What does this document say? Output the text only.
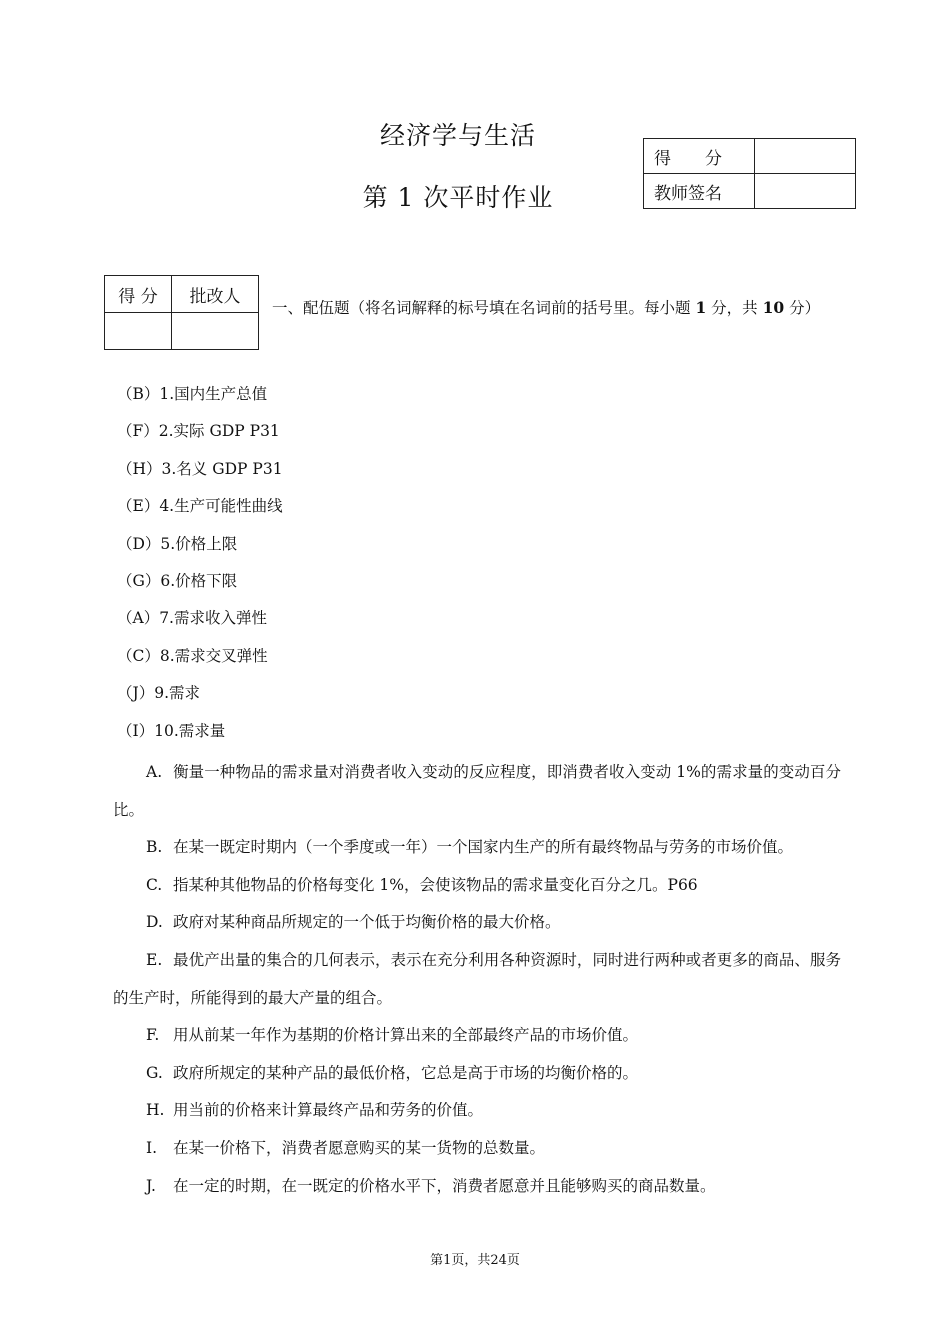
经济学与生活
第 1 次平时作业
得　　分	
教师签名	
得 分	批改人

一、配伍题（将名词解释的标号填在名词前的括号里。每小题 1 分，共 10 分）
（B）1.国内生产总值
（F）2.实际 GDP P31
（H）3.名义 GDP P31
（E）4.生产可能性曲线
（D）5.价格上限
（G）6.价格下限
（A）7.需求收入弹性
（C）8.需求交叉弹性
（J）9.需求
（I）10.需求量
A. 衡量一种物品的需求量对消费者收入变动的反应程度，即消费者收入变动 1%的需求量的变动百分比。
B. 在某一既定时期内（一个季度或一年）一个国家内生产的所有最终物品与劳务的市场价值。
C. 指某种其他物品的价格每变化 1%，会使该物品的需求量变化百分之几。P66
D. 政府对某种商品所规定的一个低于均衡价格的最大价格。
E. 最优产出量的集合的几何表示，表示在充分利用各种资源时，同时进行两种或者更多的商品、服务的生产时，所能得到的最大产量的组合。
F. 用从前某一年作为基期的价格计算出来的全部最终产品的市场价值。
G. 政府所规定的某种产品的最低价格，它总是高于市场的均衡价格的。
H. 用当前的价格来计算最终产品和劳务的价值。
I. 在某一价格下，消费者愿意购买的某一货物的总数量。
J. 在一定的时期，在一既定的价格水平下，消费者愿意并且能够购买的商品数量。
第1页，共24页
